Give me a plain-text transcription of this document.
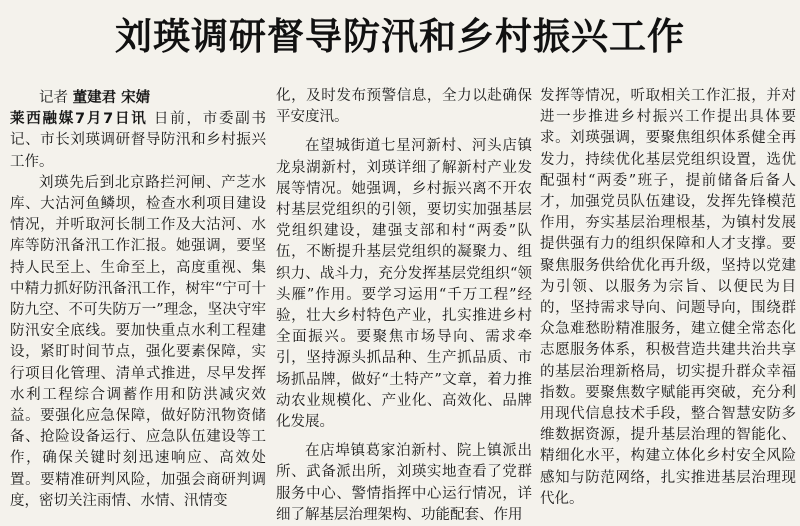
刘瑛调研督导防汛和乡村振兴工作
记者 董建君 宋婧

莱西融媒7月7日讯 日前，市委副书记、市长刘瑛调研督导防汛和乡村振兴工作。

刘瑛先后到北京路拦河闸、产芝水库、大沽河鱼鳞坝，检查水利项目建设情况，并听取河长制工作及大沽河、水库等防汛备汛工作汇报。她强调，要坚持人民至上、生命至上，高度重视、集中精力抓好防汛备汛工作，树牢“宁可十防九空、不可失防万一”理念，坚决守牢防汛安全底线。要加快重点水利工程建设，紧盯时间节点，强化要素保障，实行项目化管理、清单式推进，尽早发挥水利工程综合调蓄作用和防洪减灾效益。要强化应急保障，做好防汛物资储备、抢险设备运行、应急队伍建设等工作，确保关键时刻迅速响应、高效处置。要精准研判风险，加强会商研判调度，密切关注雨情、水情、汛情变

化，及时发布预警信息，全力以赴确保平安度汛。

在望城街道七星河新村、河头店镇龙泉湖新村，刘瑛详细了解新村产业发展等情况。她强调，乡村振兴离不开农村基层党组织的引领，要切实加强基层党组织建设，建强支部和村“两委”队伍，不断提升基层党组织的凝聚力、组织力、战斗力，充分发挥基层党组织“领头雁”作用。要学习运用“千万工程”经验，壮大乡村特色产业，扎实推进乡村全面振兴。要聚焦市场导向、需求牵引，坚持源头抓品种、生产抓品质、市场抓品牌，做好“土特产”文章，着力推动农业规模化、产业化、高效化、品牌化发展。

在店埠镇葛家泊新村、院上镇派出所、武备派出所，刘瑛实地查看了党群服务中心、警情指挥中心运行情况，详细了解基层治理架构、功能配套、作用

发挥等情况，听取相关工作汇报，并对进一步推进乡村振兴工作提出具体要求。刘瑛强调，要聚焦组织体系健全再发力，持续优化基层党组织设置，选优配强村“两委”班子，提前储备后备人才，加强党员队伍建设，发挥先锋模范作用，夯实基层治理根基，为镇村发展提供强有力的组织保障和人才支撑。要聚焦服务供给优化再升级，坚持以党建为引领、以服务为宗旨、以便民为目的，坚持需求导向、问题导向，围绕群众急难愁盼精准服务，建立健全常态化志愿服务体系，积极营造共建共治共享的基层治理新格局，切实提升群众幸福指数。要聚焦数字赋能再突破，充分利用现代信息技术手段，整合智慧安防多维数据资源，提升基层治理的智能化、精细化水平，构建立体化乡村安全风险感知与防范网络，扎实推进基层治理现代化。
